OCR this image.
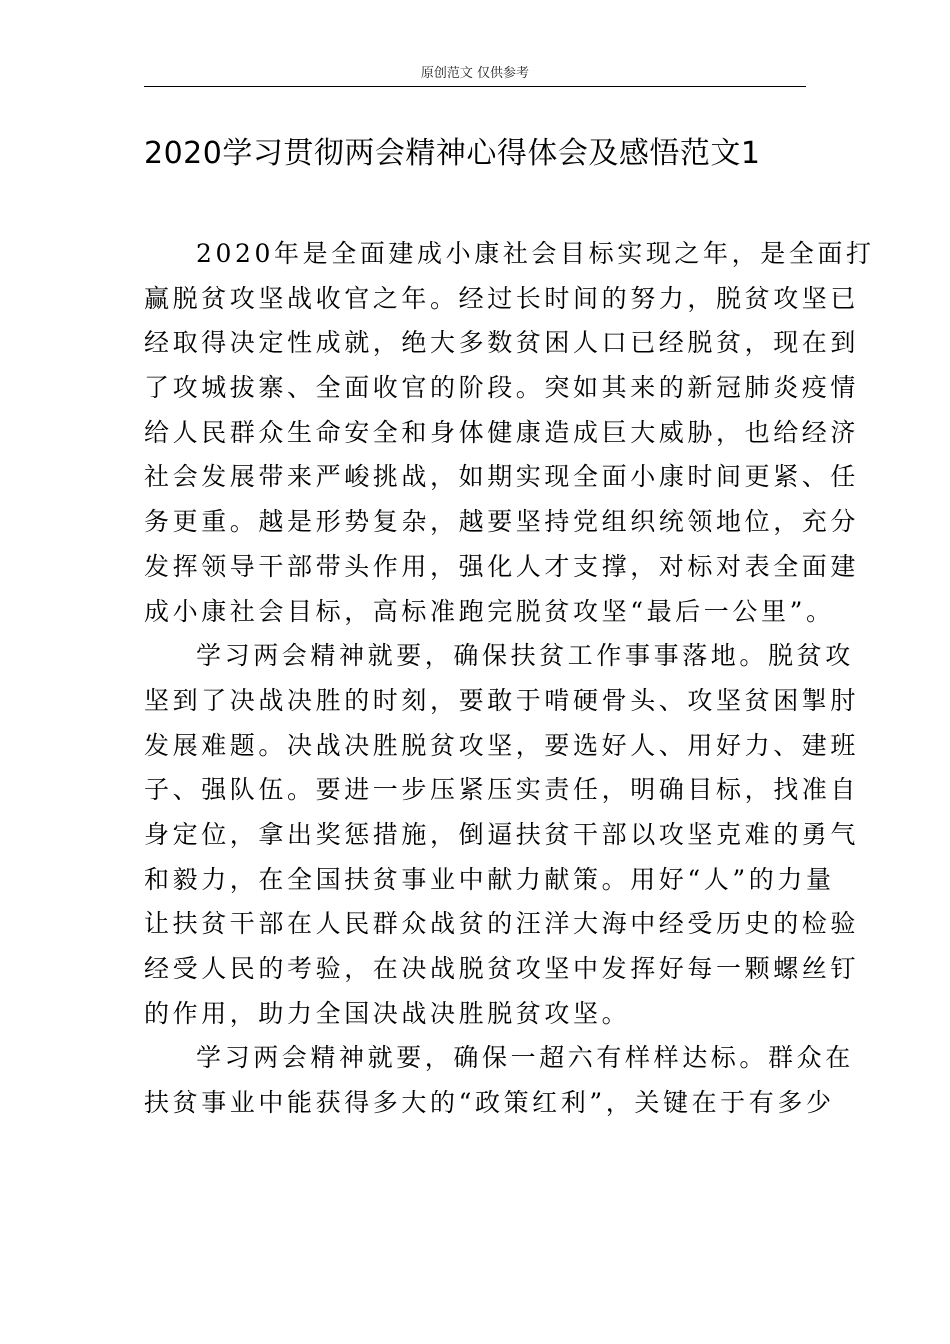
原创范文 仅供参考
2020学习贯彻两会精神心得体会及感悟范文1
2020年是全面建成小康社会目标实现之年，是全面打
赢脱贫攻坚战收官之年。经过长时间的努力，脱贫攻坚已
经取得决定性成就，绝大多数贫困人口已经脱贫，现在到
了攻城拔寨、全面收官的阶段。突如其来的新冠肺炎疫情
给人民群众生命安全和身体健康造成巨大威胁，也给经济
社会发展带来严峻挑战，如期实现全面小康时间更紧、任
务更重。越是形势复杂，越要坚持党组织统领地位，充分
发挥领导干部带头作用，强化人才支撑，对标对表全面建
成小康社会目标，高标准跑完脱贫攻坚“最后一公里”。
学习两会精神就要，确保扶贫工作事事落地。脱贫攻
坚到了决战决胜的时刻，要敢于啃硬骨头、攻坚贫困掣肘
发展难题。决战决胜脱贫攻坚，要选好人、用好力、建班
子、强队伍。要进一步压紧压实责任，明确目标，找准自
身定位，拿出奖惩措施，倒逼扶贫干部以攻坚克难的勇气
和毅力，在全国扶贫事业中献力献策。用好“人”的力量
让扶贫干部在人民群众战贫的汪洋大海中经受历史的检验
经受人民的考验，在决战脱贫攻坚中发挥好每一颗螺丝钉
的作用，助力全国决战决胜脱贫攻坚。
学习两会精神就要，确保一超六有样样达标。群众在
扶贫事业中能获得多大的“政策红利”，关键在于有多少
